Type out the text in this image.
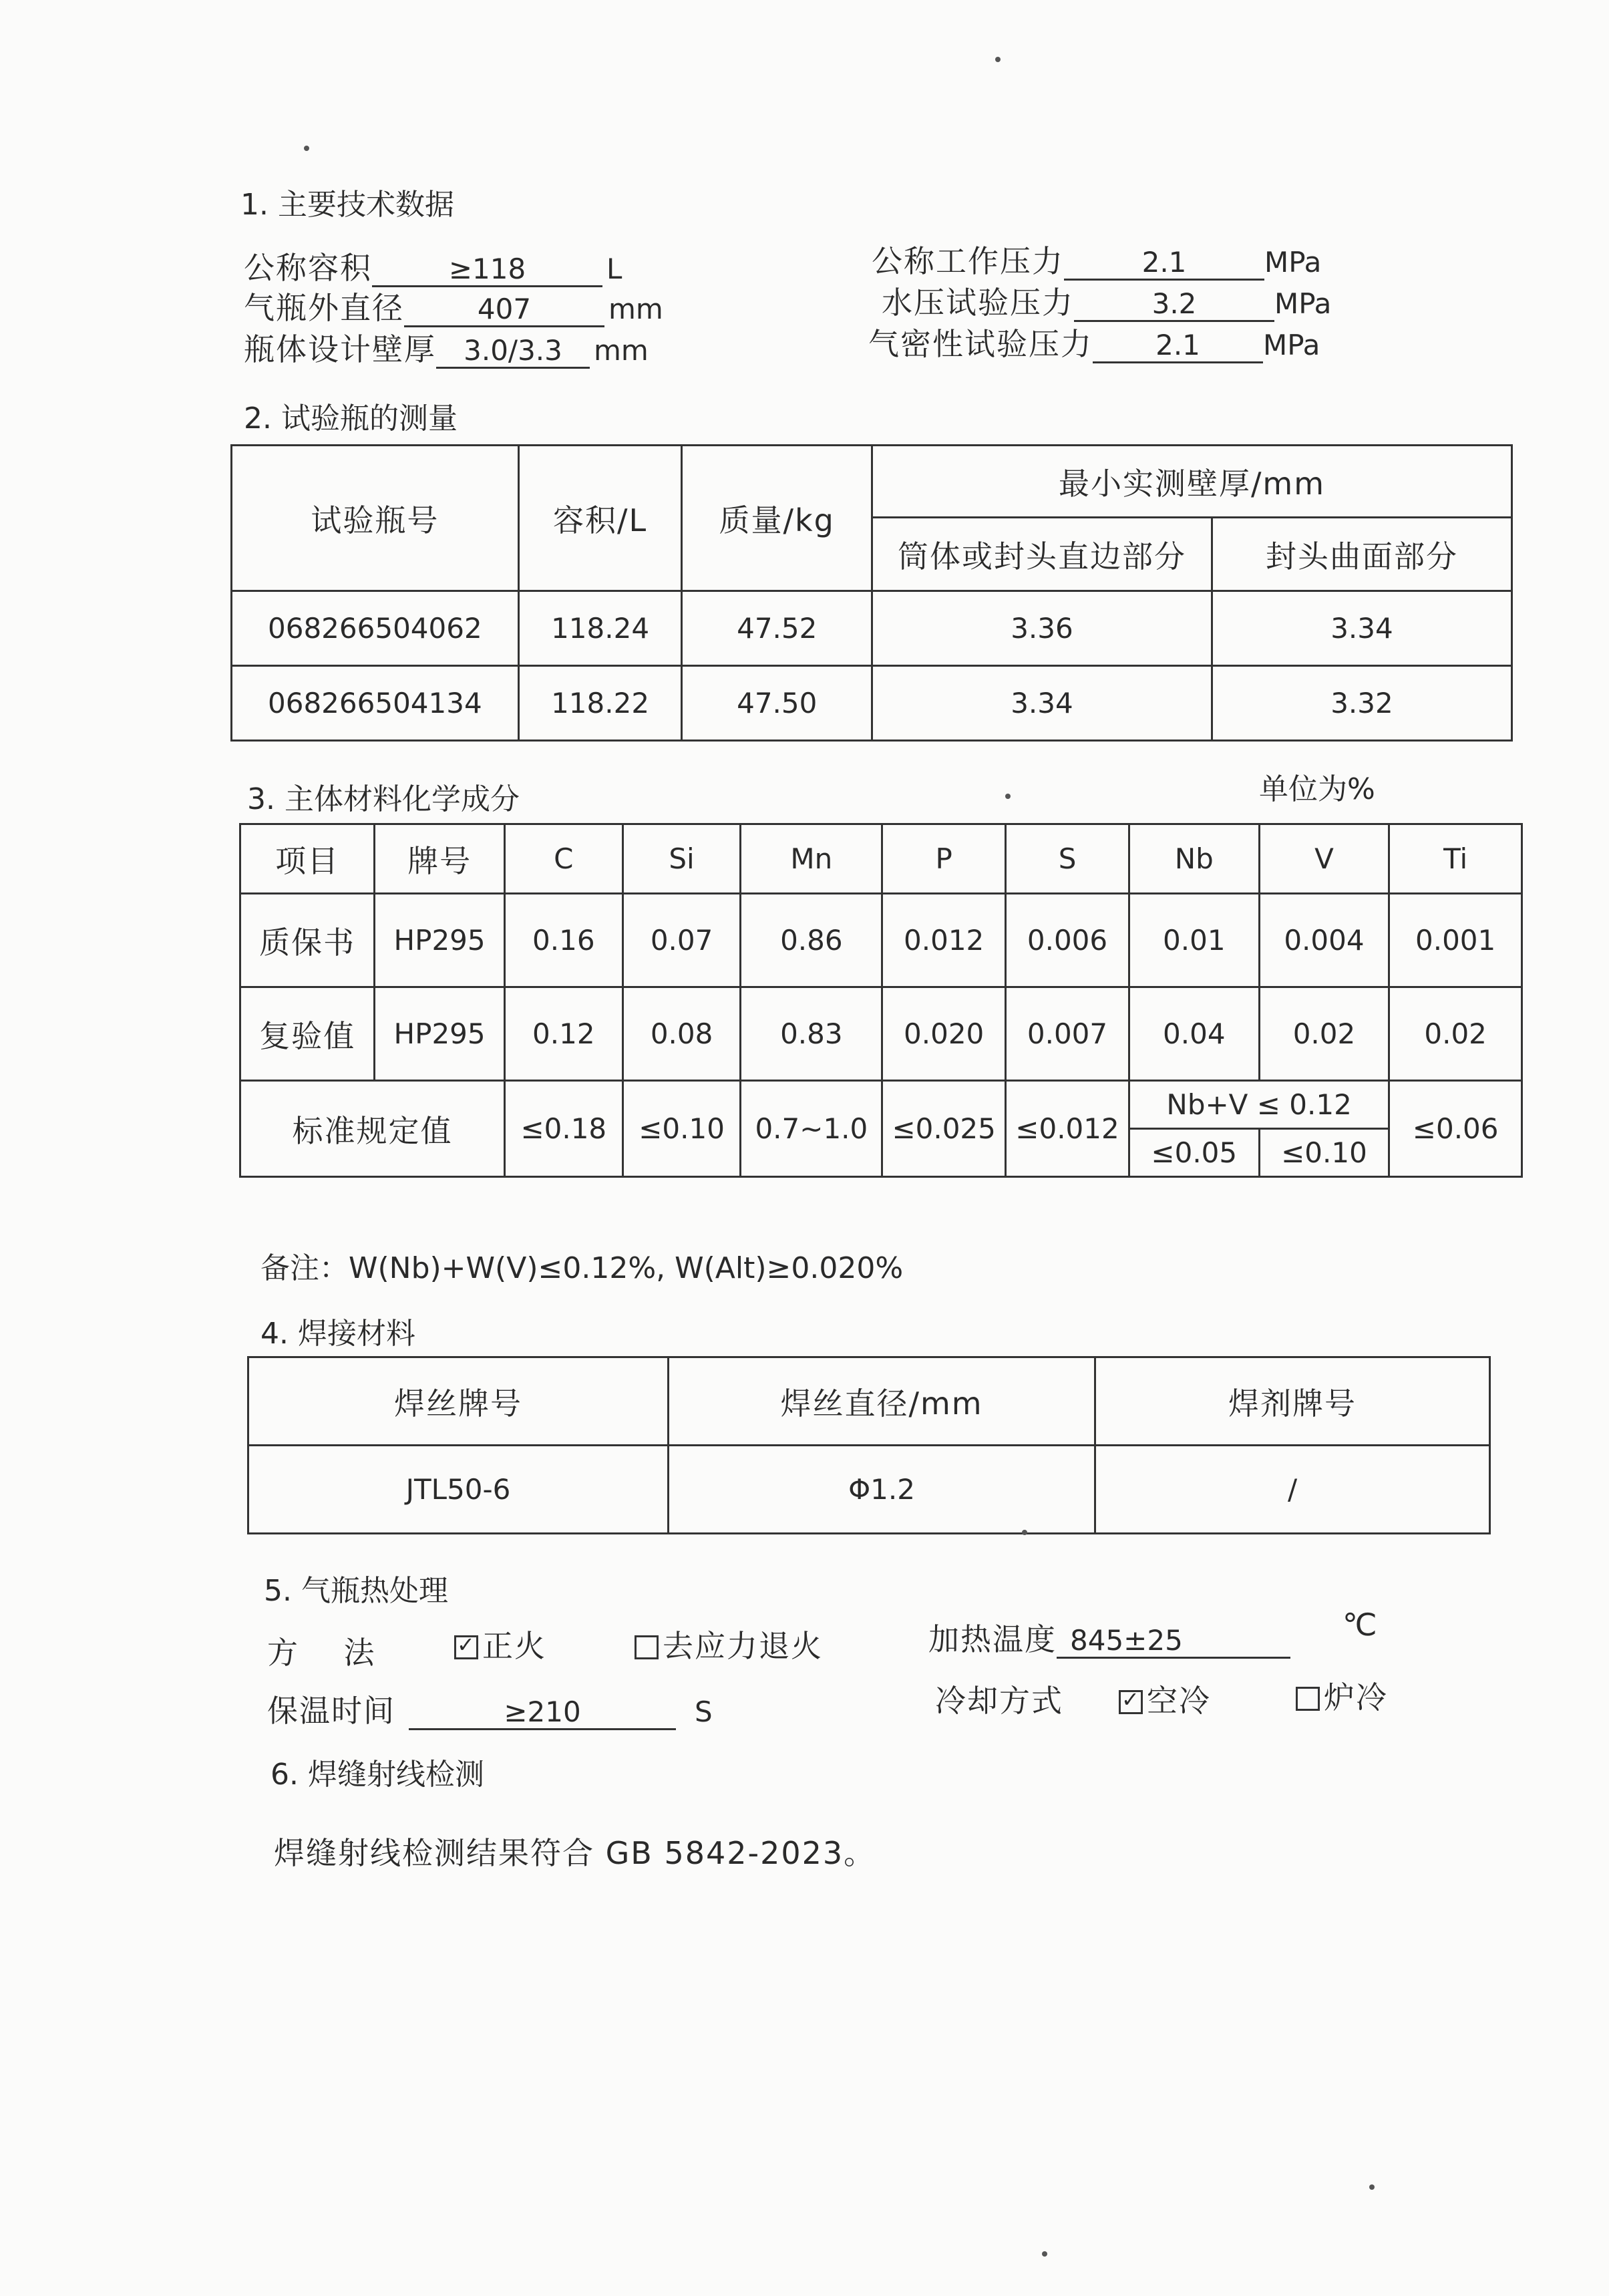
1. 主要技术数据
公称容积	≥118	L
气瓶外直径	407	mm
瓶体设计壁厚 3.0/3.3 mm
公称工作压力	2.1	MPa
水压试验压力	3.2	MPa
气密性试验压力 2.1 MPa
2. 试验瓶的测量
试验瓶号	容积/L	质量/kg	最小实测壁厚/mm	
			筒体或封头直边部分	封头曲面部分
068266504062	118.24	47.52	3.36	3.34
068266504134	118.22	47.50	3.34	3.32
3. 主体材料化学成分	单位为%
项目	牌号	C	Si	Mn	P	S	Nb	V	Ti
质保书	HP295	0.16	0.07	0.86	0.012	0.006	0.01	0.004	0.001
复验值	HP295	0.12	0.08	0.83	0.020	0.007	0.04	0.02	0.02
标准规定值		≤0.18	≤0.10	0.7~1.0	≤0.025	≤0.012	Nb+V ≤ 0.12		≤0.06
							≤0.05	≤0.10	
备注：W(Nb)+W(V)≤0.12%, W(Alt)≥0.020%
4. 焊接材料
焊丝牌号	焊丝直径/mm	焊剂牌号
JTL50-6	Φ1.2	/
5. 气瓶热处理
方    法 ✓	正火	去应力退火	加热温度 845±25	℃
保温时间	≥210	S	冷却方式 ✓	空冷	炉冷
6. 焊缝射线检测
焊缝射线检测结果符合 GB 5842-2023。
